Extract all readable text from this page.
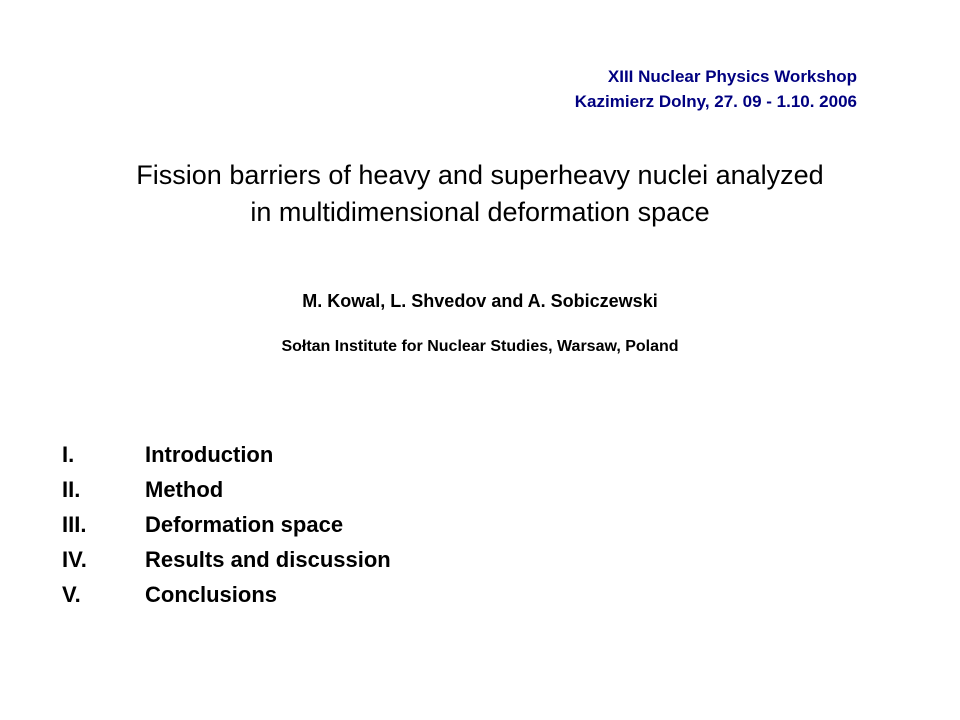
XIII Nuclear Physics Workshop
Kazimierz Dolny, 27. 09 - 1.10. 2006
Fission barriers of heavy and superheavy nuclei analyzed
in multidimensional deformation space
M. Kowal, L. Shvedov and A. Sobiczewski
Sołtan Institute for Nuclear Studies, Warsaw, Poland
I.	Introduction
II.	Method
III.	Deformation space
IV.	Results and discussion
V.	Conclusions
